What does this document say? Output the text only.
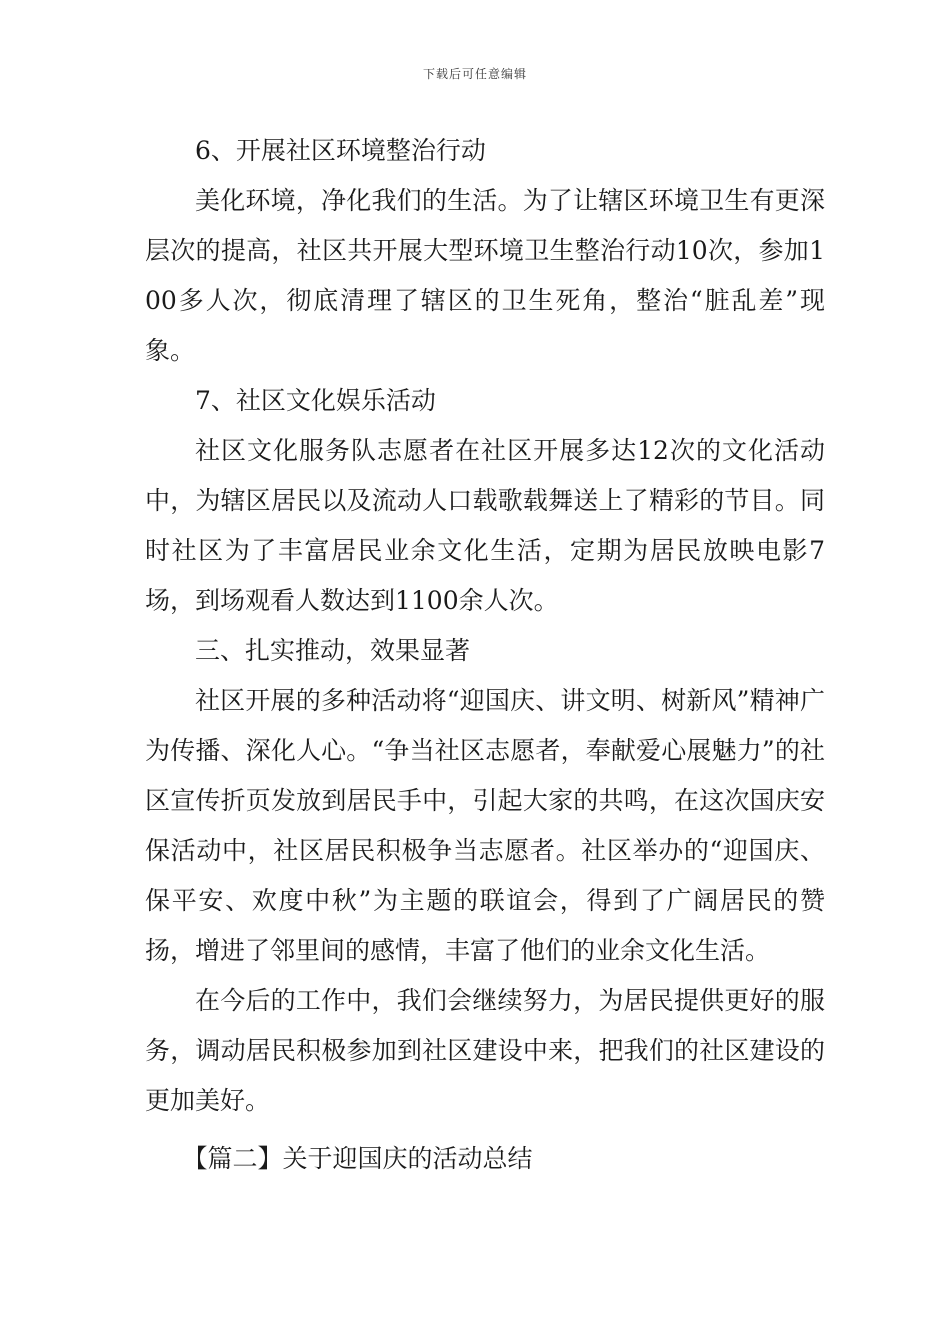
下载后可任意编辑

6、开展社区环境整治行动

美化环境，净化我们的生活。为了让辖区环境卫生有更深层次的提高，社区共开展大型环境卫生整治行动10次，参加100多人次，彻底清理了辖区的卫生死角，整治“脏乱差”现象。

7、社区文化娱乐活动

社区文化服务队志愿者在社区开展多达12次的文化活动中，为辖区居民以及流动人口载歌载舞送上了精彩的节目。同时社区为了丰富居民业余文化生活，定期为居民放映电影7场，到场观看人数达到1100余人次。

三、扎实推动，效果显著

社区开展的多种活动将“迎国庆、讲文明、树新风”精神广为传播、深化人心。“争当社区志愿者，奉献爱心展魅力”的社区宣传折页发放到居民手中，引起大家的共鸣，在这次国庆安保活动中，社区居民积极争当志愿者。社区举办的“迎国庆、保平安、欢度中秋”为主题的联谊会，得到了广阔居民的赞扬，增进了邻里间的感情，丰富了他们的业余文化生活。

在今后的工作中，我们会继续努力，为居民提供更好的服务，调动居民积极参加到社区建设中来，把我们的社区建设的更加美好。

【篇二】关于迎国庆的活动总结
